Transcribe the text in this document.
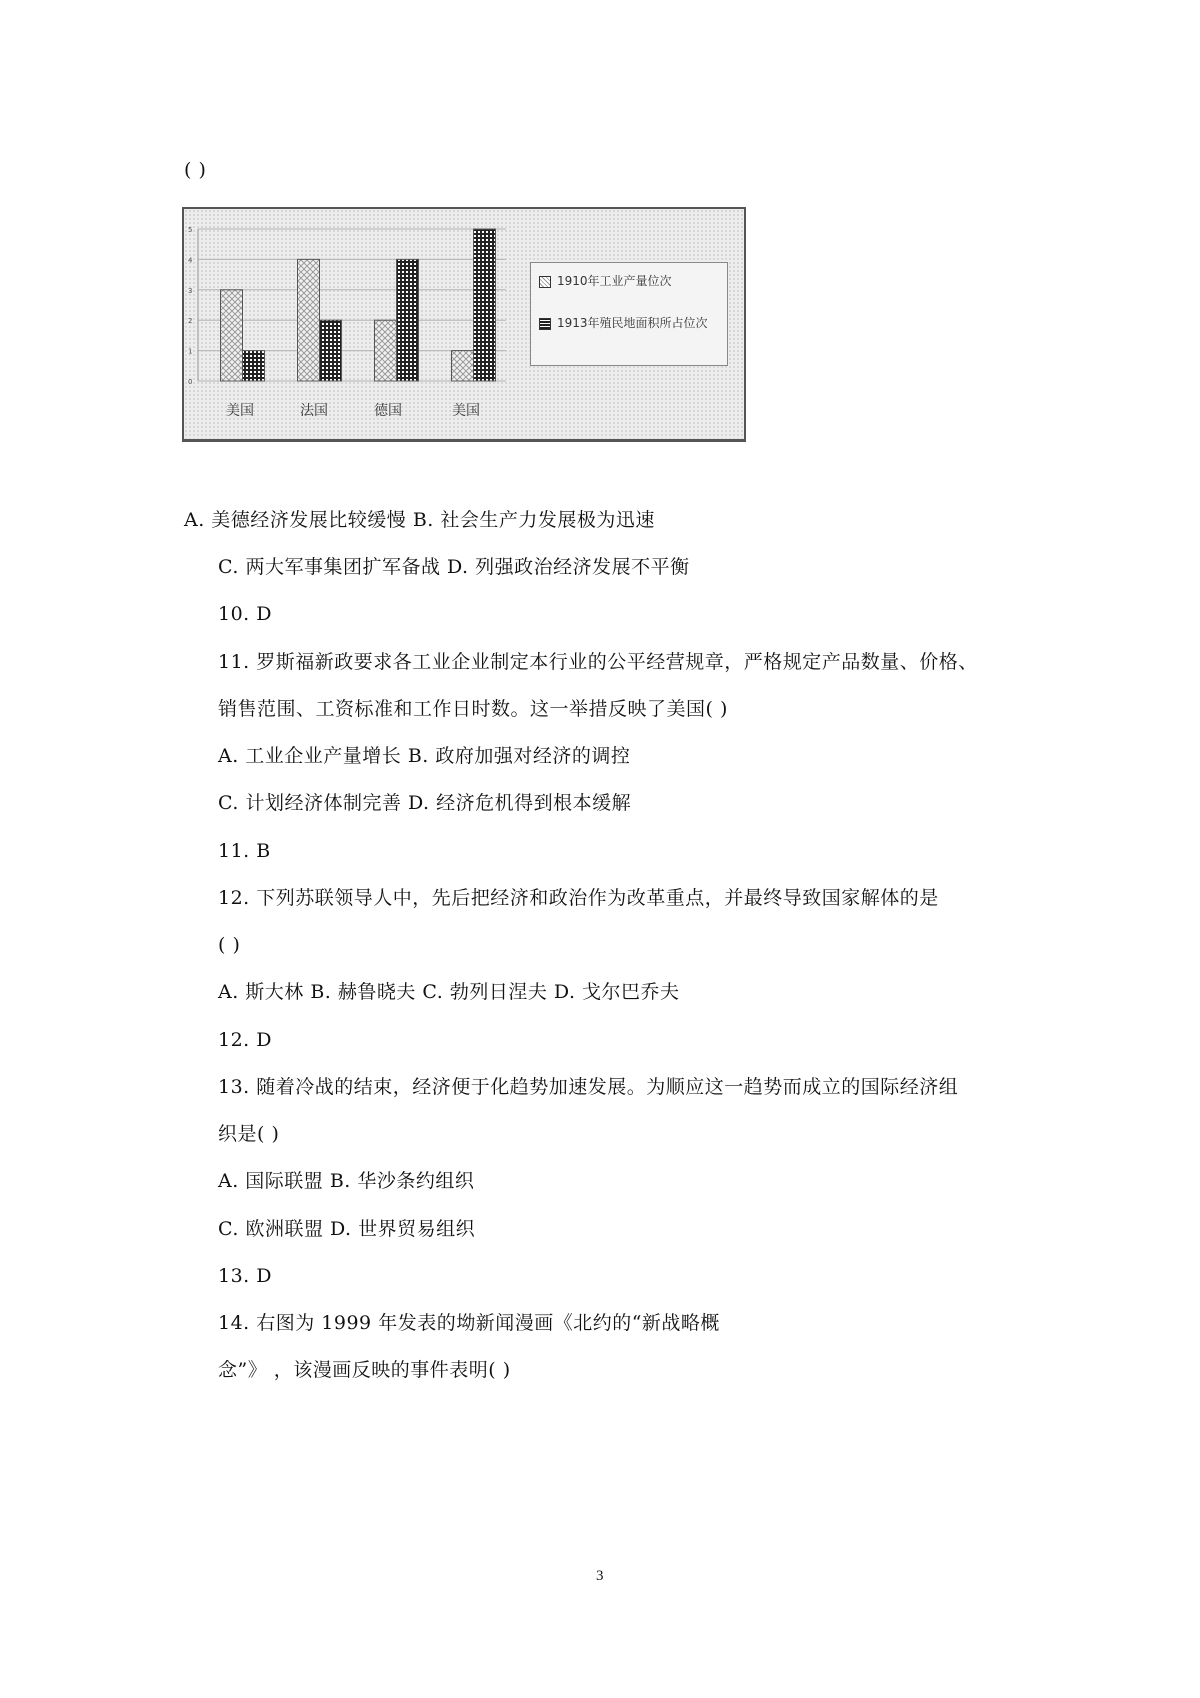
( )
0
1
2
3
4
5
1910年工业产量位次
1913年殖民地面积所占位次
美国	法国	德国	美国
A. 美德经济发展比较缓慢 B. 社会生产力发展极为迅速
C. 两大军事集团扩军备战 D. 列强政治经济发展不平衡
10. D
11. 罗斯福新政要求各工业企业制定本行业的公平经营规章，严格规定产品数量、价格、
销售范围、工资标准和工作日时数。这一举措反映了美国( )
A. 工业企业产量增长 B. 政府加强对经济的调控
C. 计划经济体制完善 D. 经济危机得到根本缓解
11. B
12. 下列苏联领导人中，先后把经济和政治作为改革重点，并最终导致国家解体的是
( )
A. 斯大林 B. 赫鲁晓夫 C. 勃列日涅夫 D. 戈尔巴乔夫
12. D
13. 随着冷战的结束，经济便于化趋势加速发展。为顺应这一趋势而成立的国际经济组
织是( )
A. 国际联盟 B. 华沙条约组织
C. 欧洲联盟 D. 世界贸易组织
13. D
14. 右图为 1999 年发表的坳新闻漫画《北约的“新战略概
念”》 ，该漫画反映的事件表明( )
3
